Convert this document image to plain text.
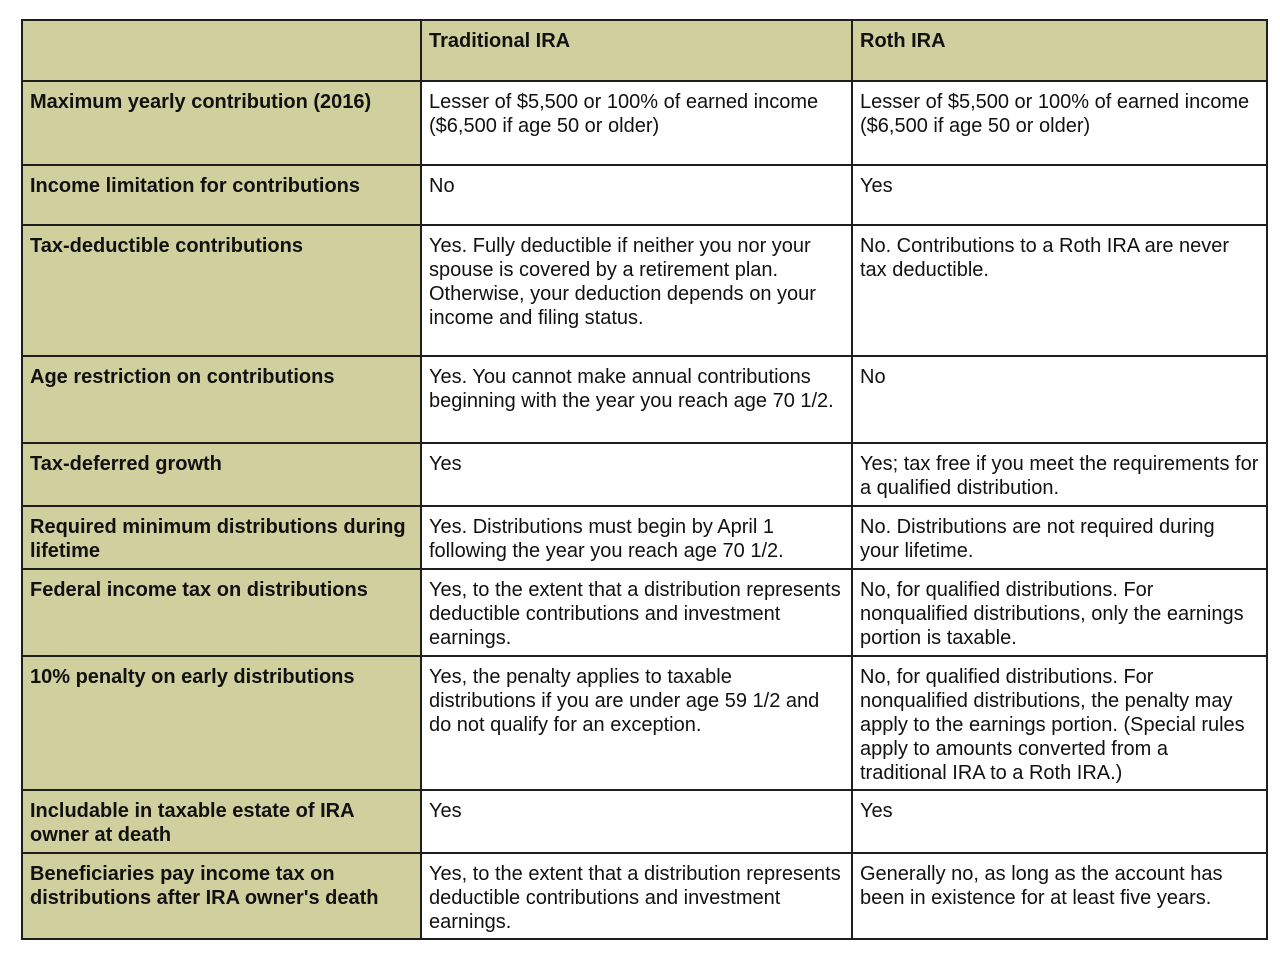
	Traditional IRA	Roth IRA
Maximum yearly contribution (2016)	Lesser of $5,500 or 100% of earned income ($6,500 if age 50 or older)	Lesser of $5,500 or 100% of earned income ($6,500 if age 50 or older)
Income limitation for contributions	No	Yes
Tax-deductible contributions	Yes. Fully deductible if neither you nor your spouse is covered by a retirement plan. Otherwise, your deduction depends on your income and filing status.	No. Contributions to a Roth IRA are never tax deductible.
Age restriction on contributions	Yes. You cannot make annual contributions beginning with the year you reach age 70 1/2.	No
Tax-deferred growth	Yes	Yes; tax free if you meet the requirements for a qualified distribution.
Required minimum distributions during lifetime	Yes. Distributions must begin by April 1 following the year you reach age 70 1/2.	No. Distributions are not required during your lifetime.
Federal income tax on distributions	Yes, to the extent that a distribution represents deductible contributions and investment earnings.	No, for qualified distributions. For nonqualified distributions, only the earnings portion is taxable.
10% penalty on early distributions	Yes, the penalty applies to taxable distributions if you are under age 59 1/2 and do not qualify for an exception.	No, for qualified distributions. For nonqualified distributions, the penalty may apply to the earnings portion. (Special rules apply to amounts converted from a traditional IRA to a Roth IRA.)
Includable in taxable estate of IRA owner at death	Yes	Yes
Beneficiaries pay income tax on distributions after IRA owner's death	Yes, to the extent that a distribution represents deductible contributions and investment earnings.	Generally no, as long as the account has been in existence for at least five years.
